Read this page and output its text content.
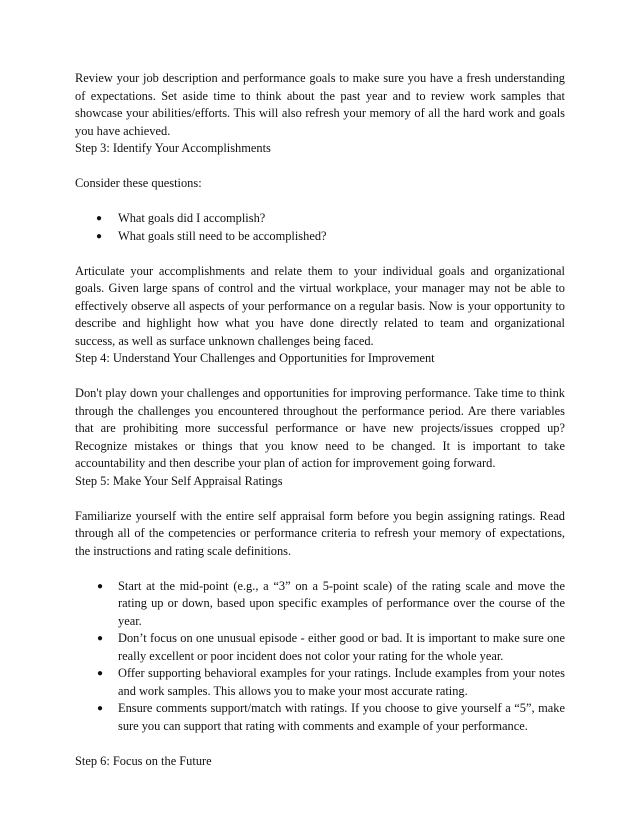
Review your job description and performance goals to make sure you have a fresh understanding of expectations. Set aside time to think about the past year and to review work samples that showcase your abilities/efforts. This will also refresh your memory of all the hard work and goals you have achieved.

Step 3: Identify Your Accomplishments

Consider these questions:

● What goals did I accomplish?
● What goals still need to be accomplished?

Articulate your accomplishments and relate them to your individual goals and organizational goals. Given large spans of control and the virtual workplace, your manager may not be able to effectively observe all aspects of your performance on a regular basis. Now is your opportunity to describe and highlight how what you have done directly related to team and organizational success, as well as surface unknown challenges being faced.

Step 4: Understand Your Challenges and Opportunities for Improvement

Don't play down your challenges and opportunities for improving performance. Take time to think through the challenges you encountered throughout the performance period. Are there variables that are prohibiting more successful performance or have new projects/issues cropped up? Recognize mistakes or things that you know need to be changed. It is important to take accountability and then describe your plan of action for improvement going forward.

Step 5: Make Your Self Appraisal Ratings

Familiarize yourself with the entire self appraisal form before you begin assigning ratings. Read through all of the competencies or performance criteria to refresh your memory of expectations, the instructions and rating scale definitions.

● Start at the mid-point (e.g., a “3” on a 5-point scale) of the rating scale and move the rating up or down, based upon specific examples of performance over the course of the year.
● Don’t focus on one unusual episode - either good or bad. It is important to make sure one really excellent or poor incident does not color your rating for the whole year.
● Offer supporting behavioral examples for your ratings. Include examples from your notes and work samples. This allows you to make your most accurate rating.
● Ensure comments support/match with ratings. If you choose to give yourself a “5”, make sure you can support that rating with comments and example of your performance.

Step 6: Focus on the Future
